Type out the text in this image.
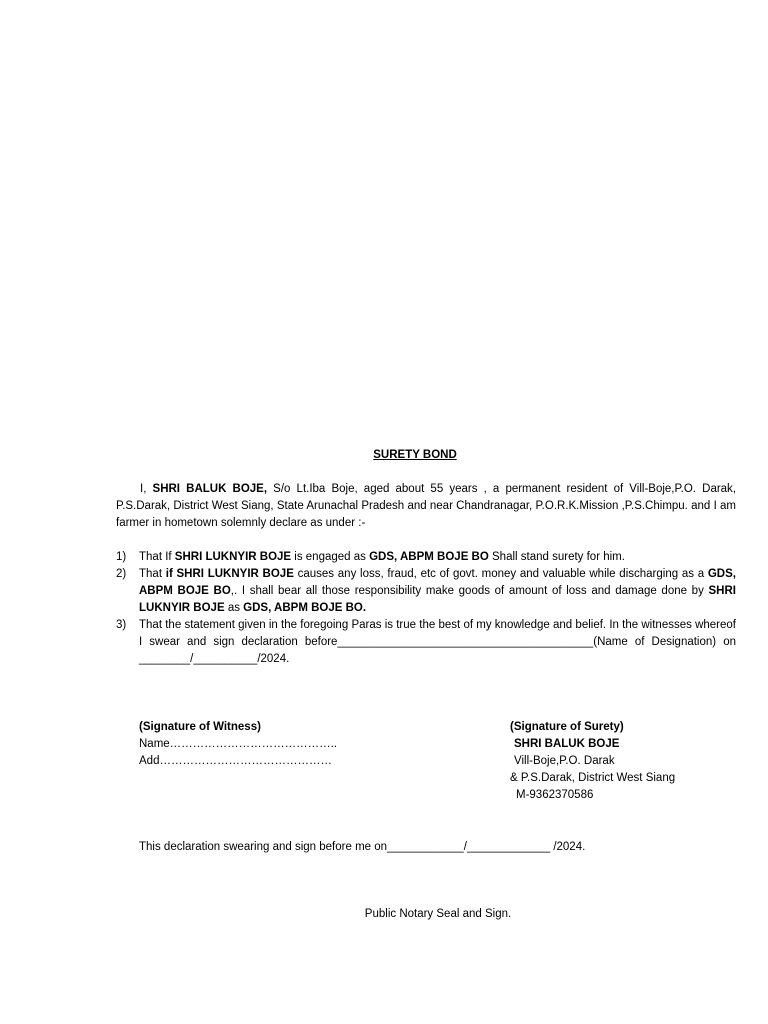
SURETY BOND

I, SHRI BALUK BOJE, S/o Lt.Iba Boje, aged about 55 years , a permanent resident of Vill-Boje,P.O. Darak, P.S.Darak, District West Siang, State Arunachal Pradesh and near Chandranagar, P.O.R.K.Mission ,P.S.Chimpu. and I am farmer in hometown solemnly declare as under :-

1) That If SHRI LUKNYIR BOJE is engaged as GDS, ABPM BOJE BO Shall stand surety for him.
2) That if SHRI LUKNYIR BOJE causes any loss, fraud, etc of govt. money and valuable while discharging as a GDS, ABPM BOJE BO,. I shall bear all those responsibility make goods of amount of loss and damage done by SHRI LUKNYIR BOJE as GDS, ABPM BOJE BO.
3) That the statement given in the foregoing Paras is true the best of my knowledge and belief. In the witnesses whereof I swear and sign declaration before________________________________________(Name of Designation) on ________/__________/2024.
(Signature of Witness)
Name……………………………………..
Add………………………………………
(Signature of Surety)
SHRI BALUK BOJE
Vill-Boje,P.O. Darak
& P.S.Darak, District West Siang
M-9362370586
This declaration swearing and sign before me on____________/_____________ /2024.
Public Notary Seal and Sign.
